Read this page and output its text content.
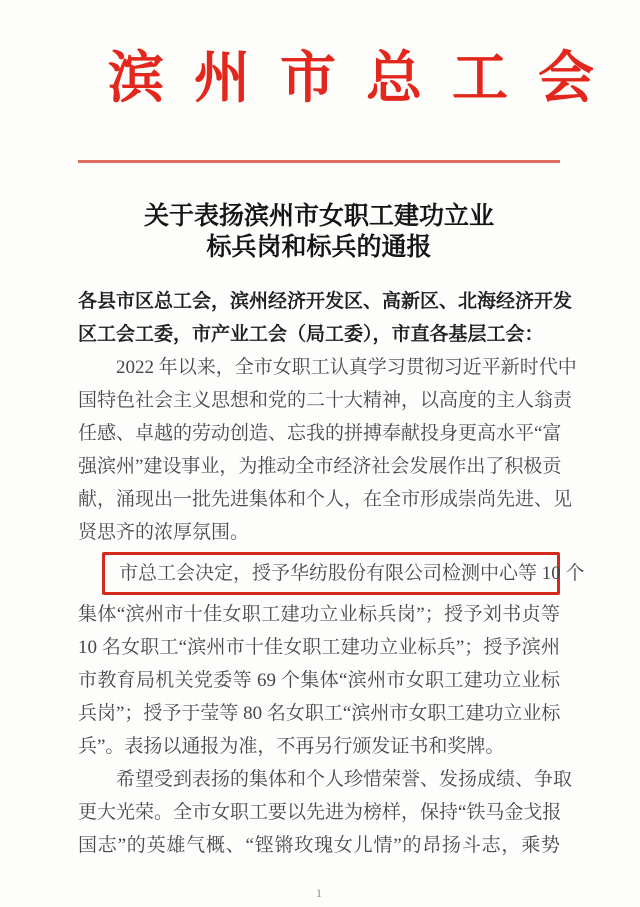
滨州市总工会
关于表扬滨州市女职工建功立业
标兵岗和标兵的通报
各县市区总工会，滨州经济开发区、高新区、北海经济开发
区工会工委，市产业工会（局工委），市直各基层工会：
2022 年以来，全市女职工认真学习贯彻习近平新时代中
国特色社会主义思想和党的二十大精神，以高度的主人翁责
任感、卓越的劳动创造、忘我的拼搏奉献投身更高水平“富
强滨州”建设事业，为推动全市经济社会发展作出了积极贡
献，涌现出一批先进集体和个人，在全市形成崇尚先进、见
贤思齐的浓厚氛围。
市总工会决定，授予华纺股份有限公司检测中心等 10 个
集体“滨州市十佳女职工建功立业标兵岗”；授予刘书贞等
10 名女职工“滨州市十佳女职工建功立业标兵”；授予滨州
市教育局机关党委等 69 个集体“滨州市女职工建功立业标
兵岗”；授予于莹等 80 名女职工“滨州市女职工建功立业标
兵”。表扬以通报为准，不再另行颁发证书和奖牌。
希望受到表扬的集体和个人珍惜荣誉、发扬成绩、争取
更大光荣。全市女职工要以先进为榜样，保持“铁马金戈报
国志”的英雄气概、“铿锵玫瑰女儿情”的昂扬斗志，乘势
1
